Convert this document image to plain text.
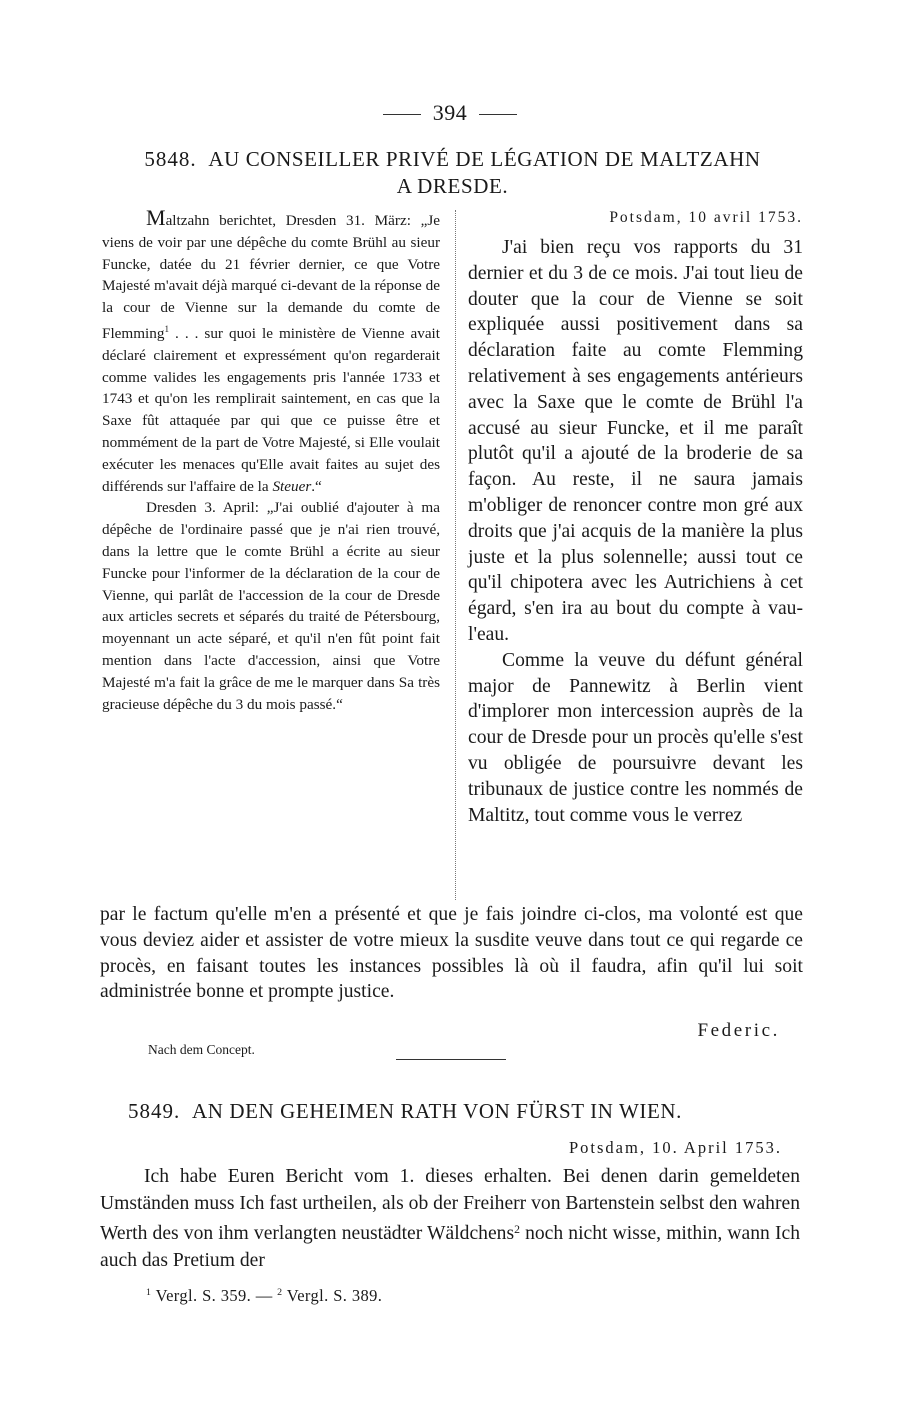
394
5848. AU CONSEILLER PRIVÉ DE LÉGATION DE MALTZAHN
A DRESDE.

Maltzahn berichtet, Dresden 31. März: „Je viens de voir par une dépêche du comte Brühl au sieur Funcke, datée du 21 février dernier, ce que Votre Majesté m'avait déjà marqué ci-devant de la réponse de la cour de Vienne sur la demande du comte de Flemming$^1$ . . . sur quoi le ministère de Vienne avait déclaré clairement et expressément qu'on regarderait comme valides les engagements pris l'année 1733 et 1743 et qu'on les remplirait saintement, en cas que la Saxe fût attaquée par qui que ce puisse être et nommément de la part de Votre Majesté, si Elle voulait exécuter les menaces qu'Elle avait faites au sujet des différends sur l'affaire de la Steuer.“

Dresden 3. April: „J'ai oublié d'ajouter à ma dépêche de l'ordinaire passé que je n'ai rien trouvé, dans la lettre que le comte Brühl a écrite au sieur Funcke pour l'informer de la déclaration de la cour de Vienne, qui parlât de l'accession de la cour de Dresde aux articles secrets et séparés du traité de Pétersbourg, moyennant un acte séparé, et qu'il n'en fût point fait mention dans l'acte d'accession, ainsi que Votre Majesté m'a fait la grâce de me le marquer dans Sa très gracieuse dépêche du 3 du mois passé.“

Potsdam, 10 avril 1753.

J'ai bien reçu vos rapports du 31 dernier et du 3 de ce mois. J'ai tout lieu de douter que la cour de Vienne se soit expliquée aussi positivement dans sa déclaration faite au comte Flemming relativement à ses engagements antérieurs avec la Saxe que le comte de Brühl l'a accusé au sieur Funcke, et il me paraît plutôt qu'il a ajouté de la broderie de sa façon. Au reste, il ne saura jamais m'obliger de renoncer contre mon gré aux droits que j'ai acquis de la manière la plus juste et la plus solennelle; aussi tout ce qu'il chipotera avec les Autrichiens à cet égard, s'en ira au bout du compte à vau-l'eau.

Comme la veuve du défunt général major de Pannewitz à Berlin vient d'implorer mon intercession auprès de la cour de Dresde pour un procès qu'elle s'est vu obligée de poursuivre devant les tribunaux de justice contre les nommés de Maltitz, tout comme vous le verrez

par le factum qu'elle m'en a présenté et que je fais joindre ci-clos, ma volonté est que vous deviez aider et assister de votre mieux la susdite veuve dans tout ce qui regarde ce procès, en faisant toutes les instances possibles là où il faudra, afin qu'il lui soit administrée bonne et prompte justice.

Federic.
Nach dem Concept.
5849. AN DEN GEHEIMEN RATH VON FÜRST IN WIEN.
Potsdam, 10. April 1753.

Ich habe Euren Bericht vom 1. dieses erhalten. Bei denen darin gemeldeten Umständen muss Ich fast urtheilen, als ob der Freiherr von Bartenstein selbst den wahren Werth des von ihm verlangten neustädter Wäldchens$^2$ noch nicht wisse, mithin, wann Ich auch das Pretium der

$^1$ Vergl. S. 359. — $^2$ Vergl. S. 389.
